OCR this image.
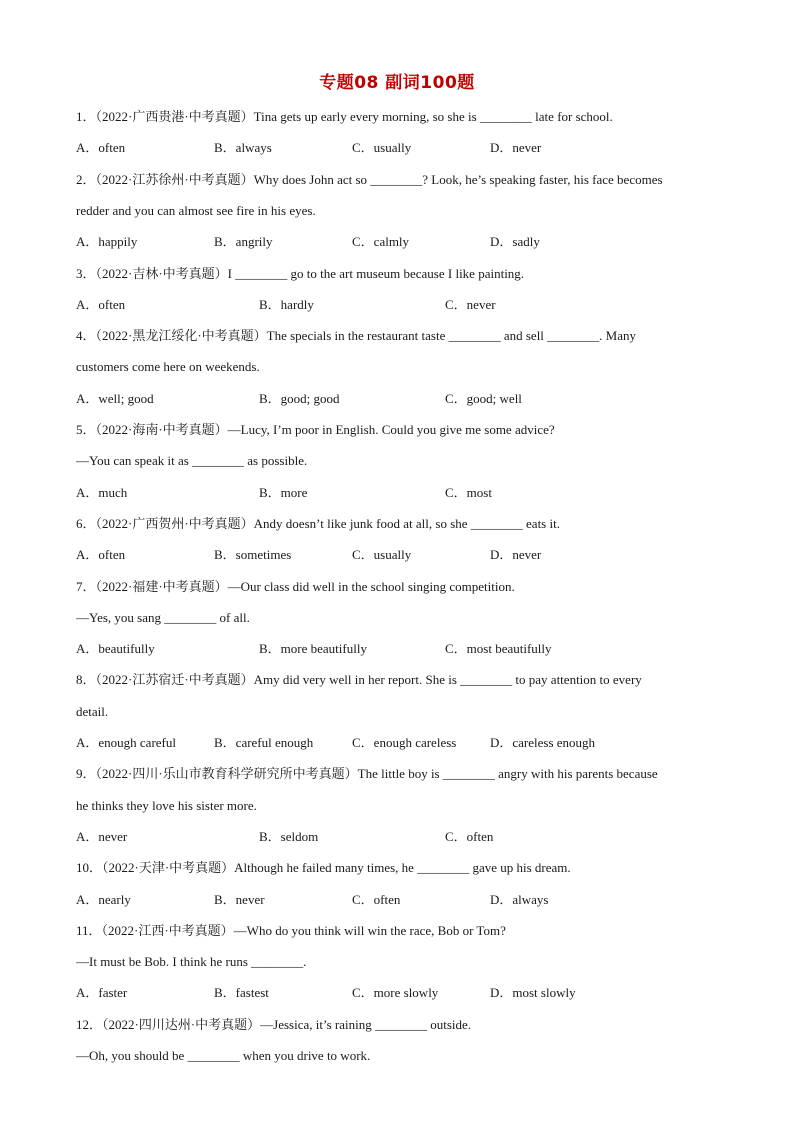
专题08 副词100题
1．（2022·广西贵港·中考真题）Tina gets up early every morning, so she is ________ late for school.
A．often	B．always	C．usually	D．never
2．（2022·江苏徐州·中考真题）Why does John act so ________? Look, he’s speaking faster, his face becomes
redder and you can almost see fire in his eyes.
A．happily	B．angrily	C．calmly	D．sadly
3．（2022·吉林·中考真题）I ________ go to the art museum because I like painting.
A．often	B．hardly	C．never
4．（2022·黑龙江绥化·中考真题）The specials in the restaurant taste ________ and sell ________. Many
customers come here on weekends.
A．well; good	B．good; good	C．good; well
5．（2022·海南·中考真题）—Lucy, I’m poor in English. Could you give me some advice?
—You can speak it as ________ as possible.
A．much	B．more	C．most
6．（2022·广西贺州·中考真题）Andy doesn’t like junk food at all, so she ________ eats it.
A．often	B．sometimes	C．usually	D．never
7．（2022·福建·中考真题）—Our class did well in the school singing competition.
—Yes, you sang ________ of all.
A．beautifully	B．more beautifully	C．most beautifully
8．（2022·江苏宿迁·中考真题）Amy did very well in her report. She is ________ to pay attention to every
detail.
A．enough careful	B．careful enough	C．enough careless	D．careless enough
9．（2022·四川·乐山市教育科学研究所中考真题）The little boy is ________ angry with his parents because
he thinks they love his sister more.
A．never	B．seldom	C．often
10．（2022·天津·中考真题）Although he failed many times, he ________ gave up his dream.
A．nearly	B．never	C．often	D．always
11．（2022·江西·中考真题）—Who do you think will win the race, Bob or Tom?
—It must be Bob. I think he runs ________.
A．faster	B．fastest	C．more slowly	D．most slowly
12．（2022·四川达州·中考真题）—Jessica, it’s raining ________ outside.
—Oh, you should be ________ when you drive to work.
